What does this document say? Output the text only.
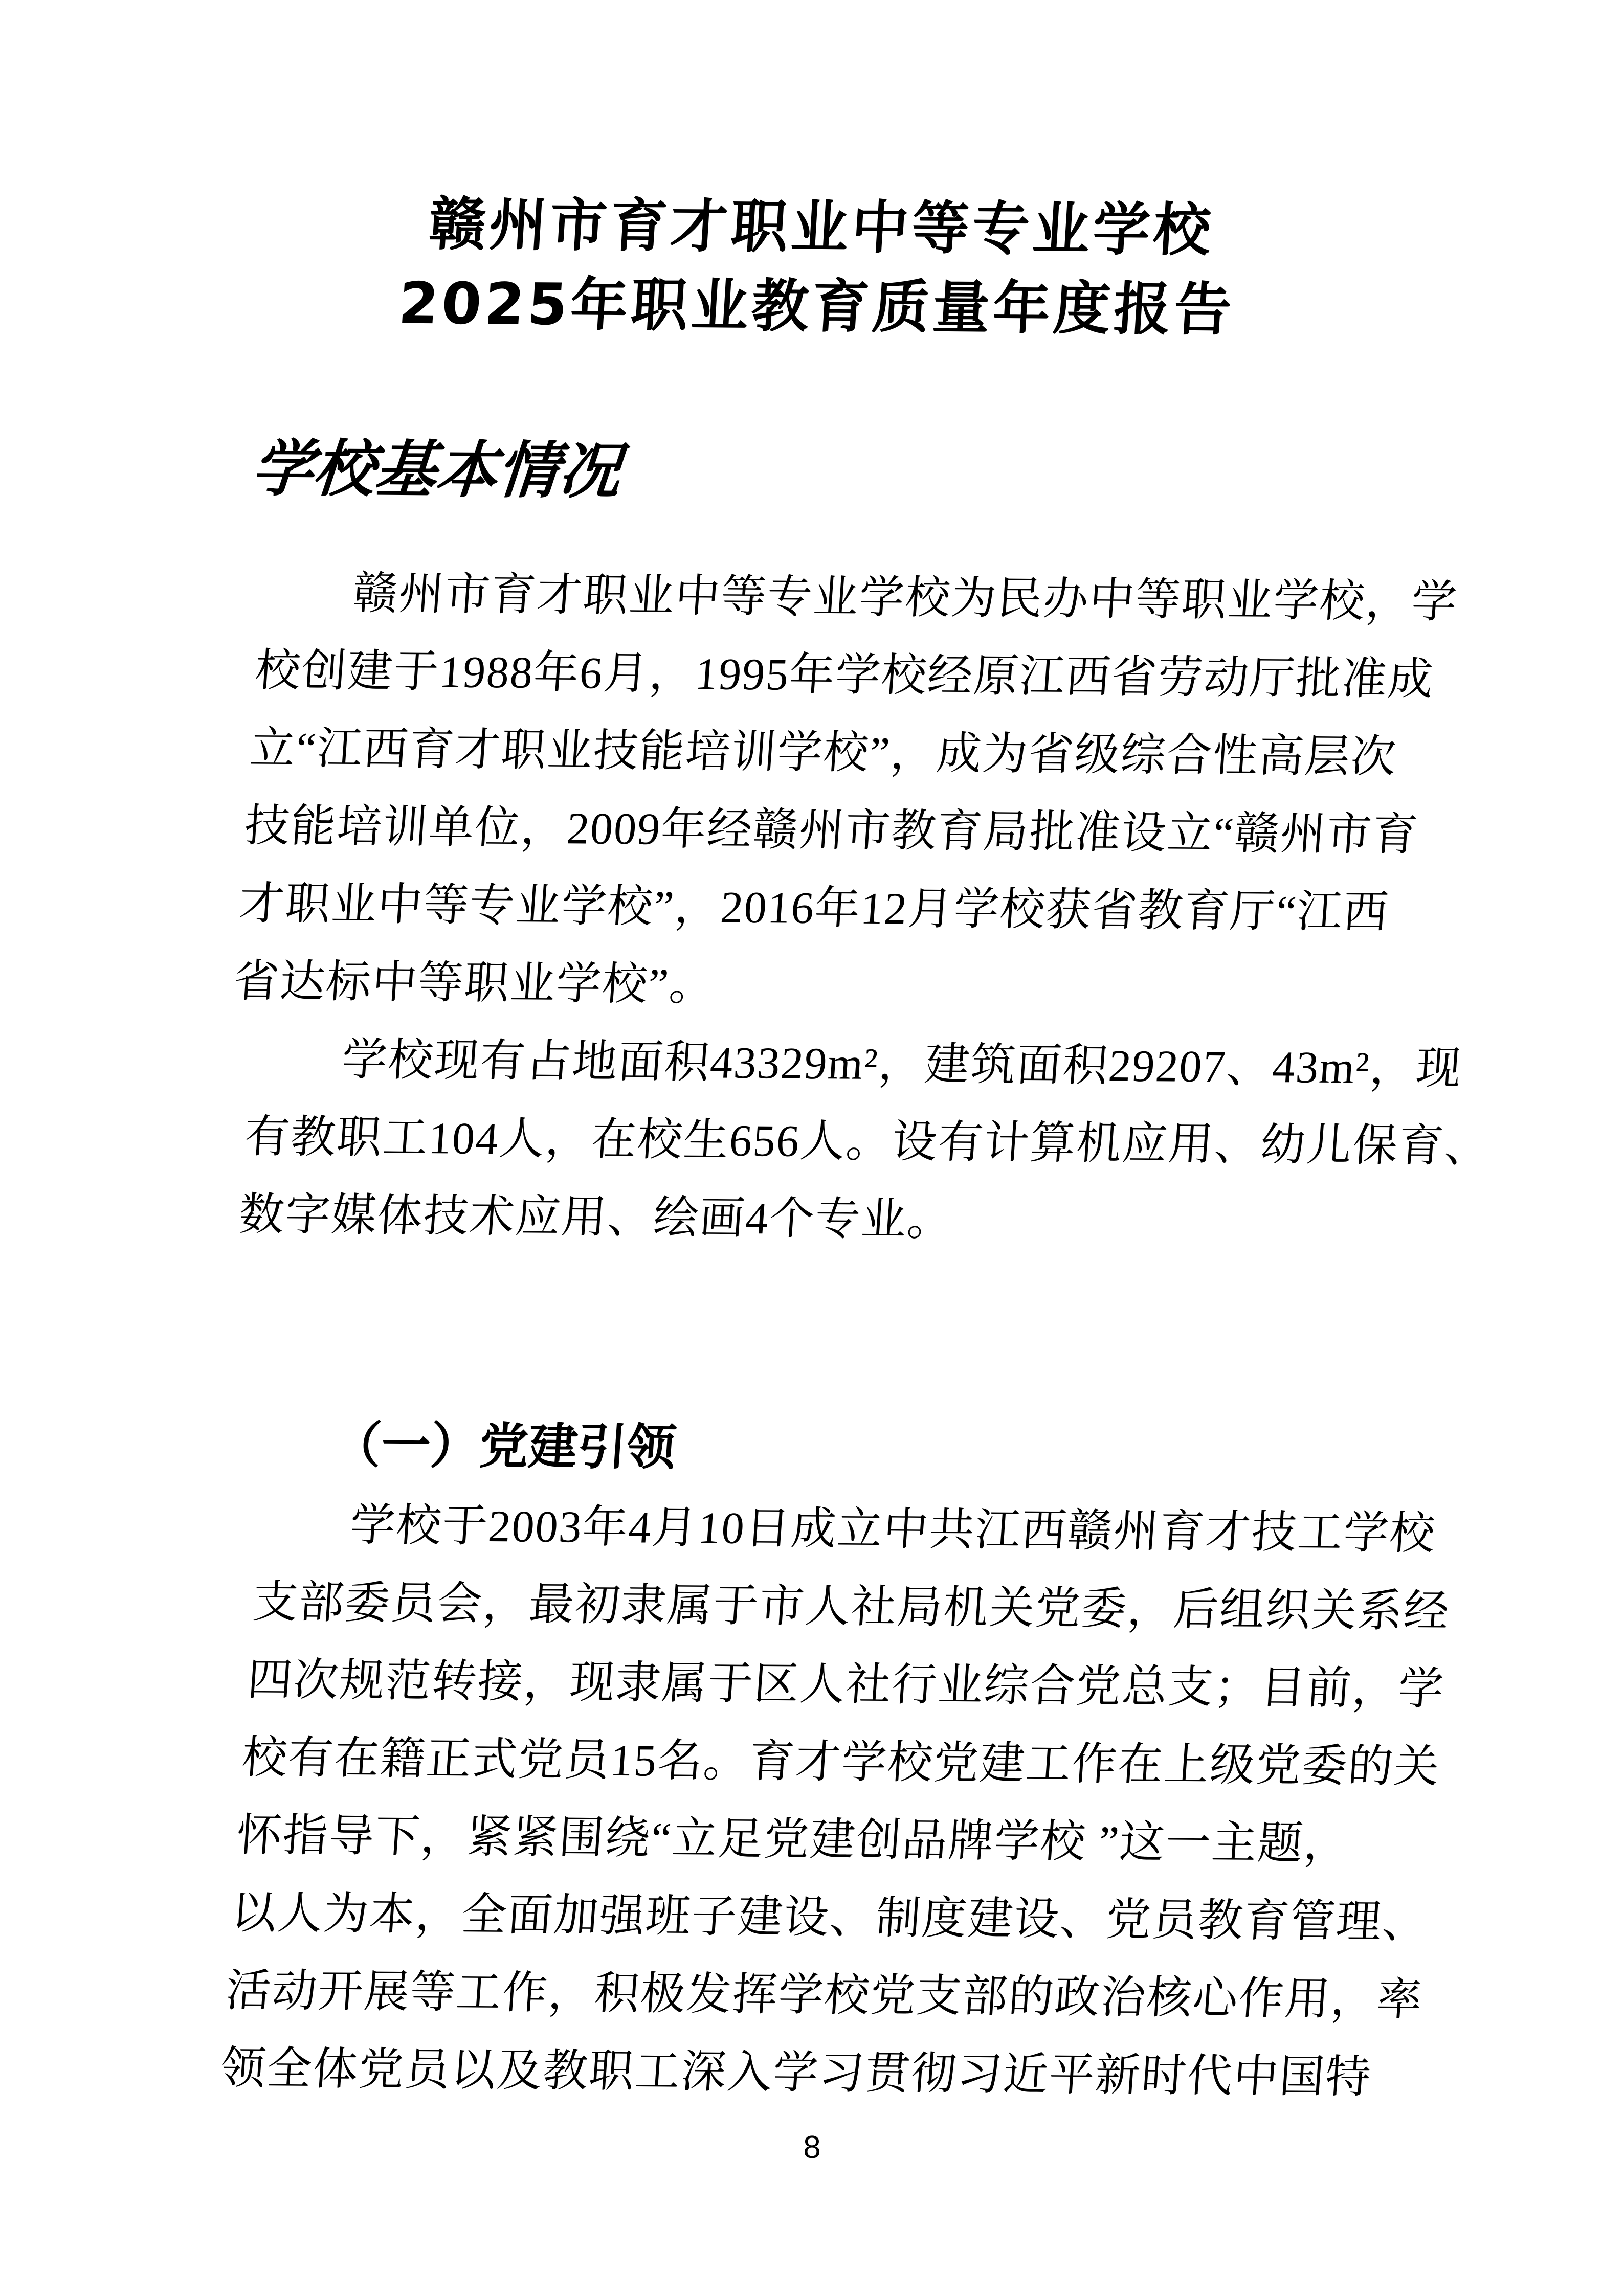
赣州市育才职业中等专业学校
2025年职业教育质量年度报告
学校基本情况
　　赣州市育才职业中等专业学校为民办中等职业学校，学
校创建于1988年6月，1995年学校经原江西省劳动厅批准成
立“江西育才职业技能培训学校”，成为省级综合性高层次
技能培训单位，2009年经赣州市教育局批准设立“赣州市育
才职业中等专业学校”，2016年12月学校获省教育厅“江西
省达标中等职业学校”。
　　学校现有占地面积43329m²，建筑面积29207、43m²，现
有教职工104人，在校生656人。设有计算机应用、幼儿保育、
数字媒体技术应用、绘画4个专业。
（一）党建引领
　　学校于2003年4月10日成立中共江西赣州育才技工学校
支部委员会，最初隶属于市人社局机关党委，后组织关系经
四次规范转接，现隶属于区人社行业综合党总支；目前，学
校有在籍正式党员15名。育才学校党建工作在上级党委的关
怀指导下，紧紧围绕“立足党建创品牌学校 ”这一主题，
以人为本，全面加强班子建设、制度建设、党员教育管理、
活动开展等工作，积极发挥学校党支部的政治核心作用，率
领全体党员以及教职工深入学习贯彻习近平新时代中国特
8
